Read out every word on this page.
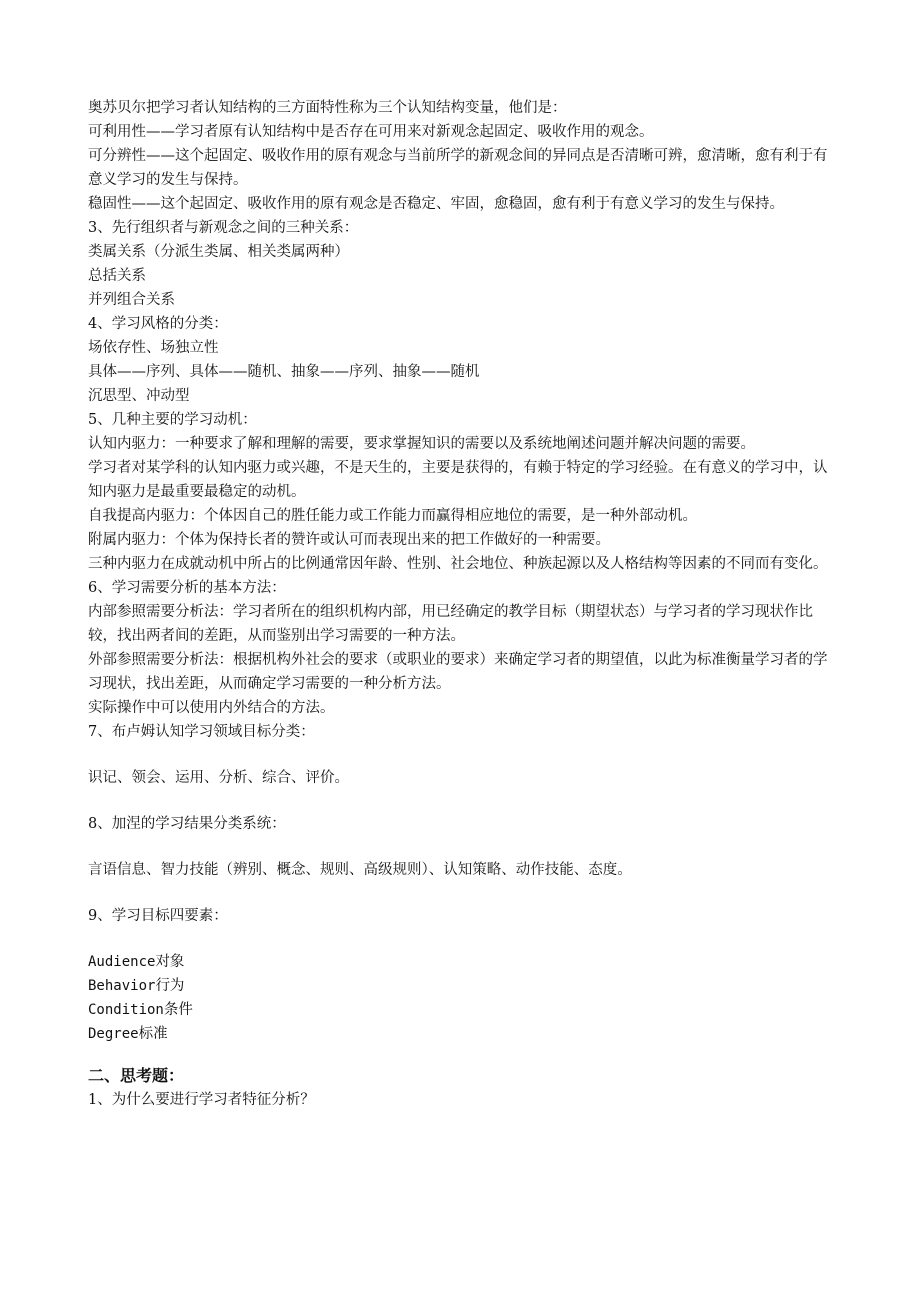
奥苏贝尔把学习者认知结构的三方面特性称为三个认知结构变量，他们是：
可利用性——学习者原有认知结构中是否存在可用来对新观念起固定、吸收作用的观念。
可分辨性——这个起固定、吸收作用的原有观念与当前所学的新观念间的异同点是否清晰可辨，愈清晰，愈有利于有意义学习的发生与保持。
稳固性——这个起固定、吸收作用的原有观念是否稳定、牢固，愈稳固，愈有利于有意义学习的发生与保持。
3、先行组织者与新观念之间的三种关系：
类属关系（分派生类属、相关类属两种）
总括关系
并列组合关系
4、学习风格的分类：
场依存性、场独立性
具体——序列、具体——随机、抽象——序列、抽象——随机
沉思型、冲动型
5、几种主要的学习动机：
认知内驱力：一种要求了解和理解的需要，要求掌握知识的需要以及系统地阐述问题并解决问题的需要。
学习者对某学科的认知内驱力或兴趣，不是天生的，主要是获得的，有赖于特定的学习经验。在有意义的学习中，认知内驱力是最重要最稳定的动机。
自我提高内驱力：个体因自己的胜任能力或工作能力而赢得相应地位的需要，是一种外部动机。
附属内驱力：个体为保持长者的赞许或认可而表现出来的把工作做好的一种需要。
三种内驱力在成就动机中所占的比例通常因年龄、性别、社会地位、种族起源以及人格结构等因素的不同而有变化。
6、学习需要分析的基本方法：
内部参照需要分析法：学习者所在的组织机构内部，用已经确定的教学目标（期望状态）与学习者的学习现状作比较，找出两者间的差距，从而鉴别出学习需要的一种方法。
外部参照需要分析法：根据机构外社会的要求（或职业的要求）来确定学习者的期望值，以此为标准衡量学习者的学习现状，找出差距，从而确定学习需要的一种分析方法。
实际操作中可以使用内外结合的方法。
7、布卢姆认知学习领域目标分类：
识记、领会、运用、分析、综合、评价。
8、加涅的学习结果分类系统：
言语信息、智力技能（辨别、概念、规则、高级规则）、认知策略、动作技能、态度。
9、学习目标四要素：
Audience对象
Behavior行为
Condition条件
Degree标准
二、思考题：
1、为什么要进行学习者特征分析？
